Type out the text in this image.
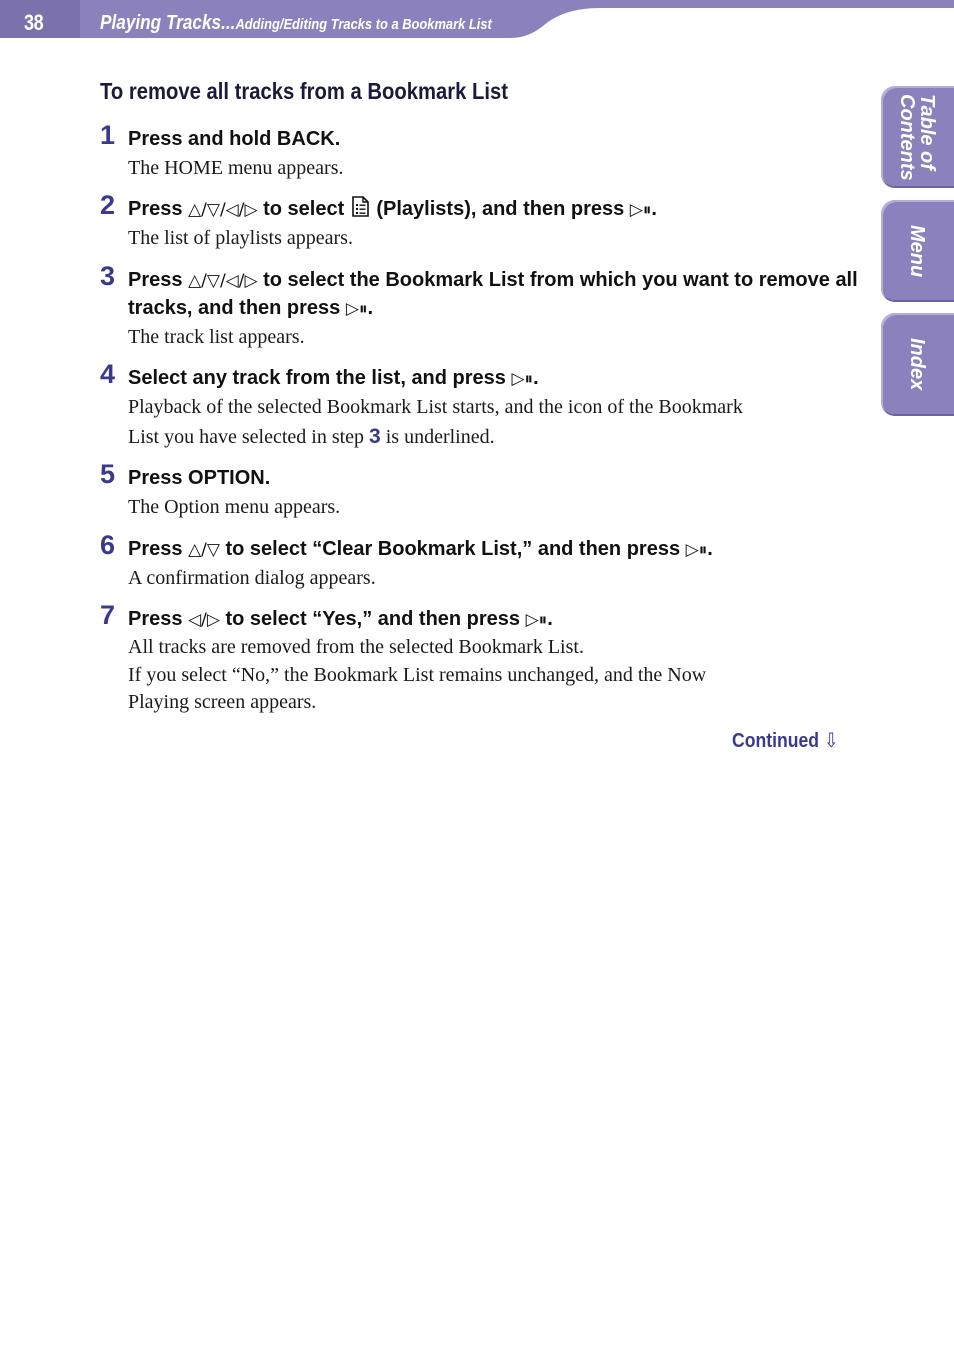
38	Playing Tracks...Adding/Editing Tracks to a Bookmark List
Table of
Contents
Menu
Index
To remove all tracks from a Bookmark List
1 Press and hold BACK.
The HOME menu appears.
2 Press △/▽/◁/▷ to select  (Playlists), and then press ▷⏸.
The list of playlists appears.
3 Press △/▽/◁/▷ to select the Bookmark List from which you want to remove all tracks, and then press ▷⏸.
The track list appears.
4 Select any track from the list, and press ▷⏸.
Playback of the selected Bookmark List starts, and the icon of the Bookmark
List you have selected in step 3 is underlined.
5 Press OPTION.
The Option menu appears.
6 Press △/▽ to select “Clear Bookmark List,” and then press ▷⏸.
A confirmation dialog appears.
7 Press ◁/▷ to select “Yes,” and then press ▷⏸.
All tracks are removed from the selected Bookmark List.
If you select “No,” the Bookmark List remains unchanged, and the Now
Playing screen appears.
Continued ⇩
